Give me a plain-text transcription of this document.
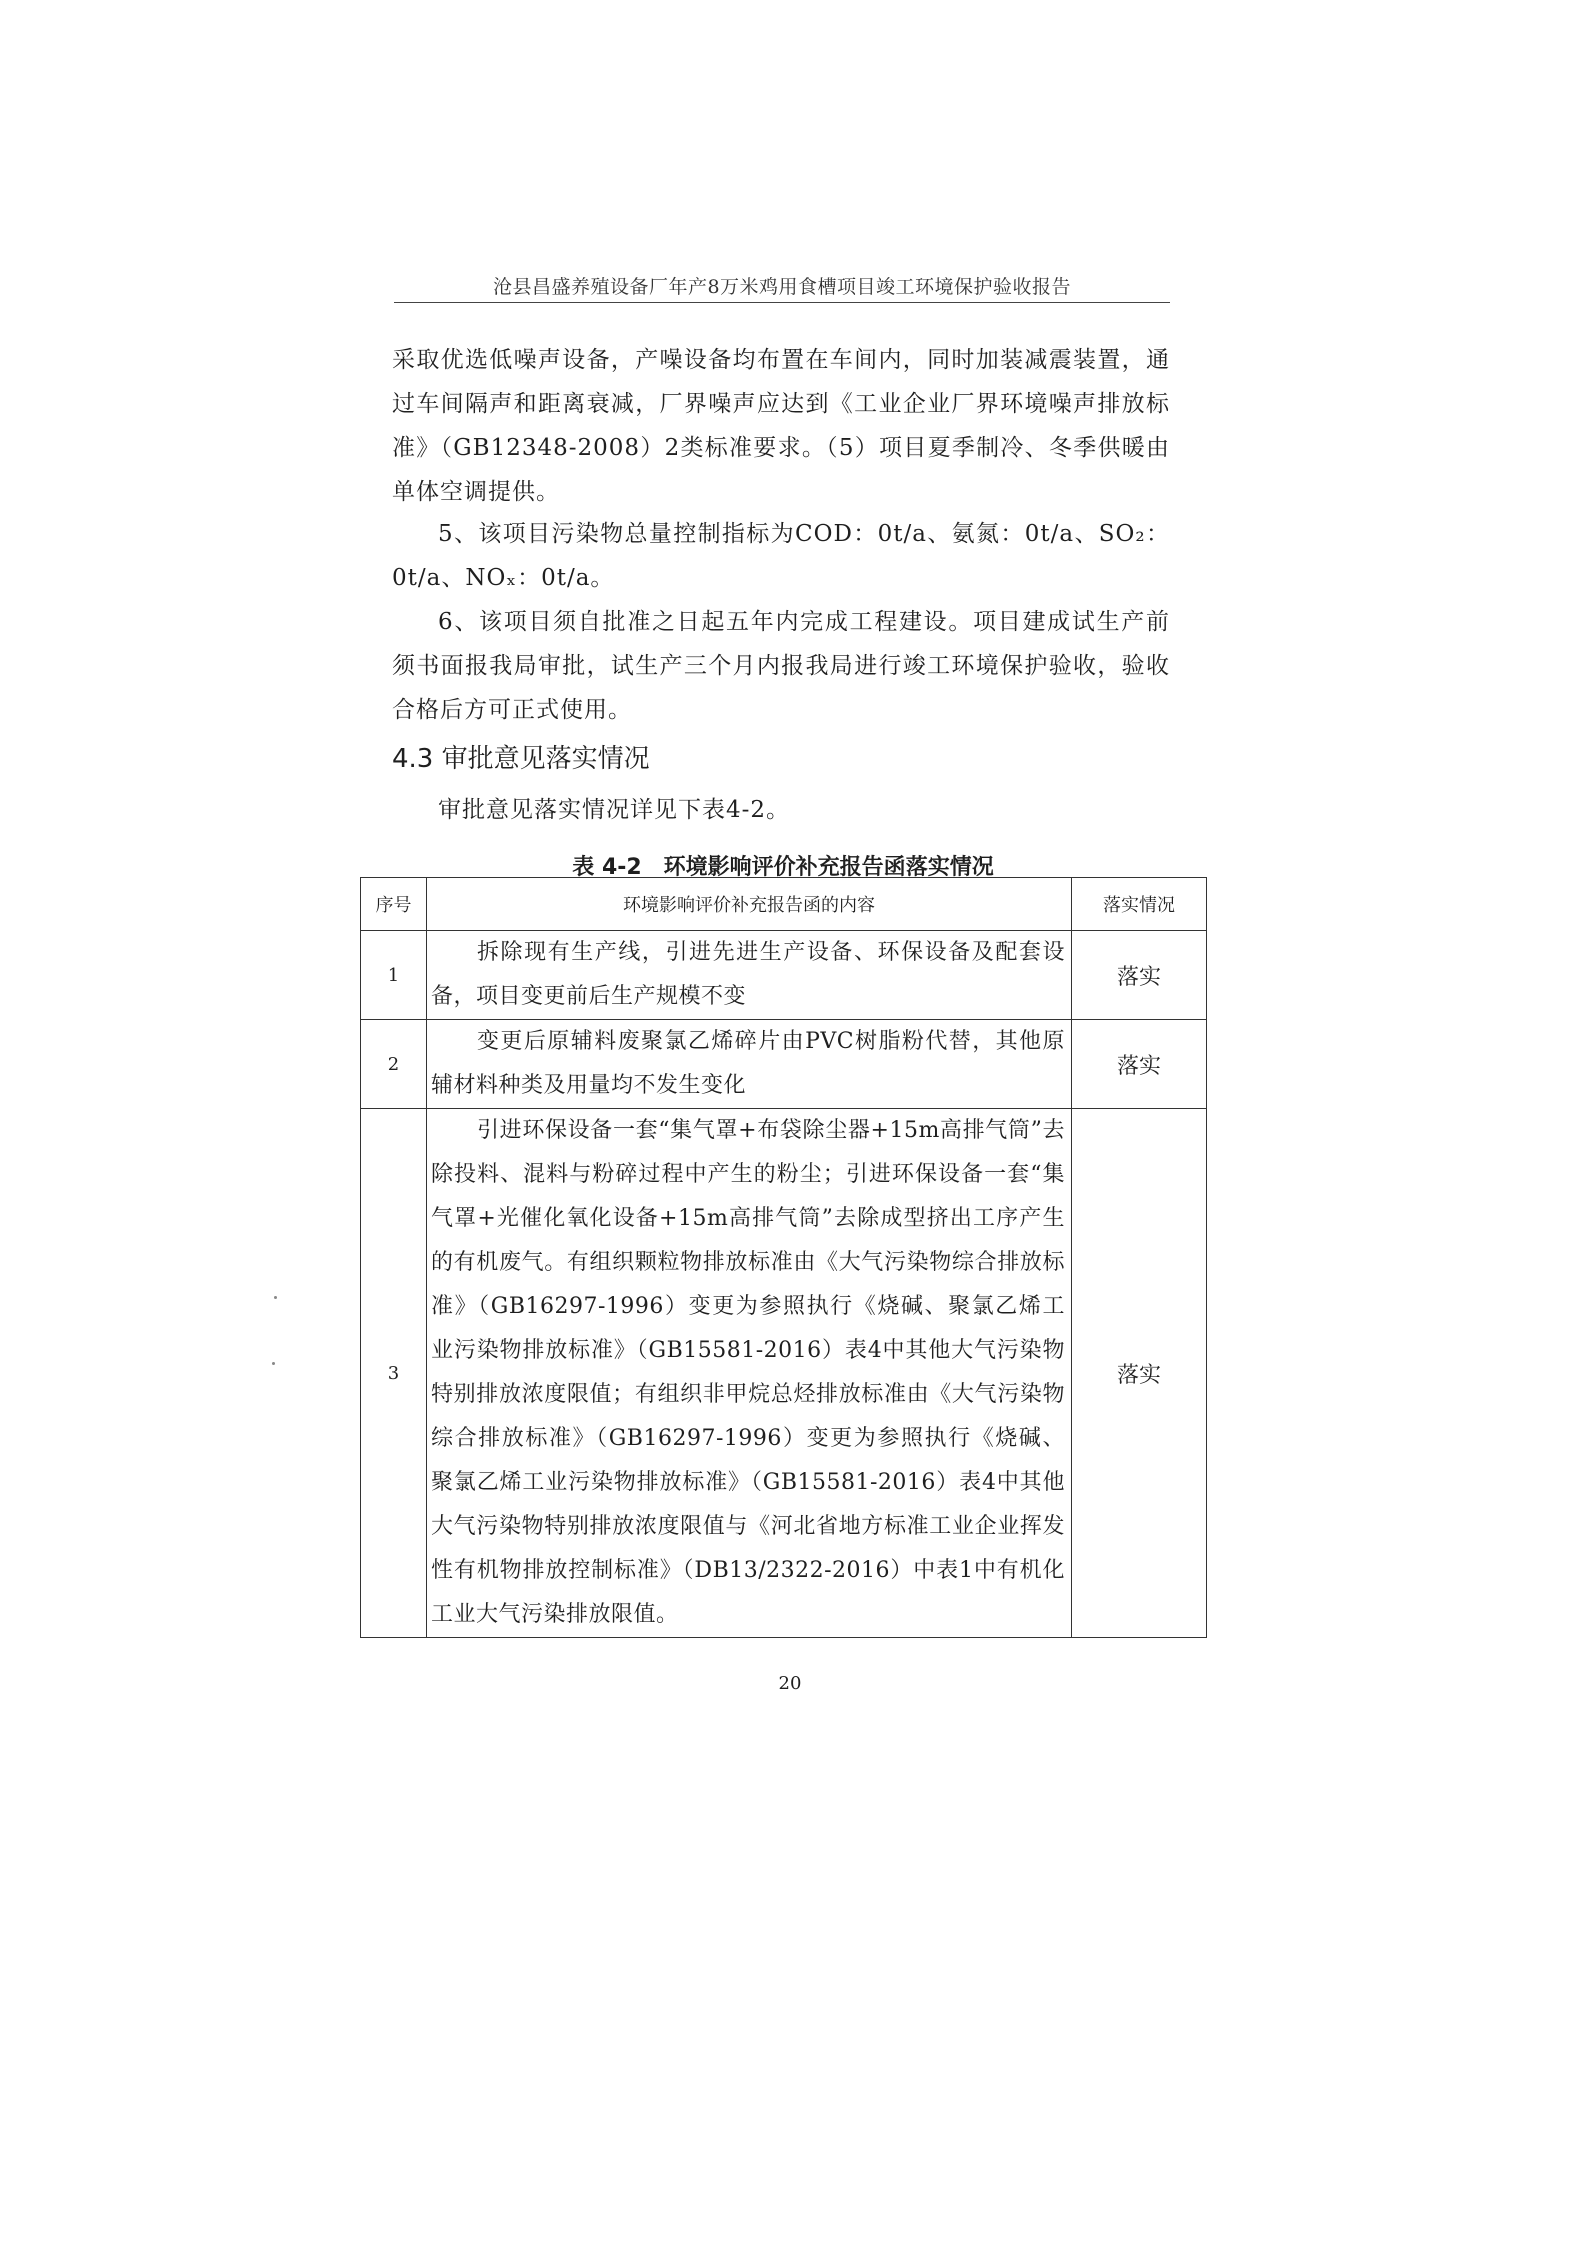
沧县昌盛养殖设备厂年产8万米鸡用食槽项目竣工环境保护验收报告
采取优选低噪声设备，产噪设备均布置在车间内，同时加装减震装置，通过车间隔声和距离衰减，厂界噪声应达到《工业企业厂界环境噪声排放标准》（GB12348-2008）2类标准要求。（5）项目夏季制冷、冬季供暖由单体空调提供。
5、该项目污染物总量控制指标为COD：0t/a、氨氮：0t/a、SO₂：0t/a、NOₓ：0t/a。
6、该项目须自批准之日起五年内完成工程建设。项目建成试生产前须书面报我局审批，试生产三个月内报我局进行竣工环境保护验收，验收合格后方可正式使用。
4.3 审批意见落实情况
审批意见落实情况详见下表4-2。
表 4-2　环境影响评价补充报告函落实情况
序号	环境影响评价补充报告函的内容	落实情况
1	拆除现有生产线，引进先进生产设备、环保设备及配套设备，项目变更前后生产规模不变	落实
2	变更后原辅料废聚氯乙烯碎片由PVC树脂粉代替，其他原辅材料种类及用量均不发生变化	落实
3	引进环保设备一套“集气罩+布袋除尘器+15m高排气筒”去除投料、混料与粉碎过程中产生的粉尘；引进环保设备一套“集气罩+光催化氧化设备+15m高排气筒”去除成型挤出工序产生的有机废气。有组织颗粒物排放标准由《大气污染物综合排放标准》（GB16297-1996）变更为参照执行《烧碱、聚氯乙烯工业污染物排放标准》（GB15581-2016）表4中其他大气污染物特别排放浓度限值；有组织非甲烷总烃排放标准由《大气污染物综合排放标准》（GB16297-1996）变更为参照执行《烧碱、聚氯乙烯工业污染物排放标准》（GB15581-2016）表4中其他大气污染物特别排放浓度限值与《河北省地方标准工业企业挥发性有机物排放控制标准》（DB13/2322-2016）中表1中有机化工业大气污染排放限值。	落实
20
